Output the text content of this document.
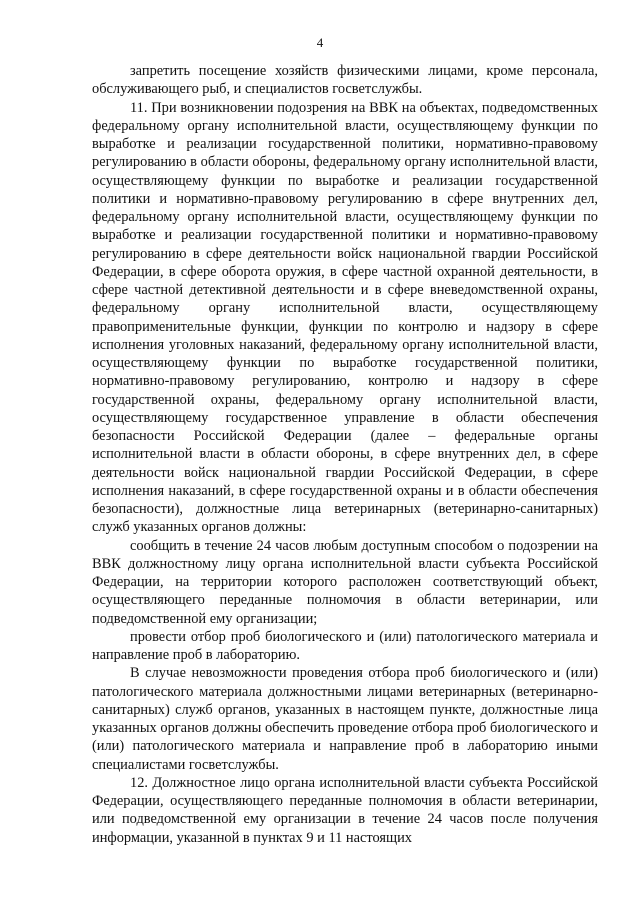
4

запретить посещение хозяйств физическими лицами, кроме персонала, обслуживающего рыб, и специалистов госветслужбы.

11. При возникновении подозрения на ВВК на объектах, подведомственных федеральному органу исполнительной власти, осуществляющему функции по выработке и реализации государственной политики, нормативно-правовому регулированию в области обороны, федеральному органу исполнительной власти, осуществляющему функции по выработке и реализации государственной политики и нормативно-правовому регулированию в сфере внутренних дел, федеральному органу исполнительной власти, осуществляющему функции по выработке и реализации государственной политики и нормативно-правовому регулированию в сфере деятельности войск национальной гвардии Российской Федерации, в сфере оборота оружия, в сфере частной охранной деятельности, в сфере частной детективной деятельности и в сфере вневедомственной охраны, федеральному органу исполнительной власти, осуществляющему правоприменительные функции, функции по контролю и надзору в сфере исполнения уголовных наказаний, федеральному органу исполнительной власти, осуществляющему функции по выработке государственной политики, нормативно-правовому регулированию, контролю и надзору в сфере государственной охраны, федеральному органу исполнительной власти, осуществляющему государственное управление в области обеспечения безопасности Российской Федерации (далее – федеральные органы исполнительной власти в области обороны, в сфере внутренних дел, в сфере деятельности войск национальной гвардии Российской Федерации, в сфере исполнения наказаний, в сфере государственной охраны и в области обеспечения безопасности), должностные лица ветеринарных (ветеринарно-санитарных) служб указанных органов должны:

сообщить в течение 24 часов любым доступным способом о подозрении на ВВК должностному лицу органа исполнительной власти субъекта Российской Федерации, на территории которого расположен соответствующий объект, осуществляющего переданные полномочия в области ветеринарии, или подведомственной ему организации;

провести отбор проб биологического и (или) патологического материала и направление проб в лабораторию.

В случае невозможности проведения отбора проб биологического и (или) патологического материала должностными лицами ветеринарных (ветеринарно-санитарных) служб органов, указанных в настоящем пункте, должностные лица указанных органов должны обеспечить проведение отбора проб биологического и (или) патологического материала и направление проб в лабораторию иными специалистами госветслужбы.

12. Должностное лицо органа исполнительной власти субъекта Российской Федерации, осуществляющего переданные полномочия в области ветеринарии, или подведомственной ему организации в течение 24 часов после получения информации, указанной в пунктах 9 и 11 настоящих
